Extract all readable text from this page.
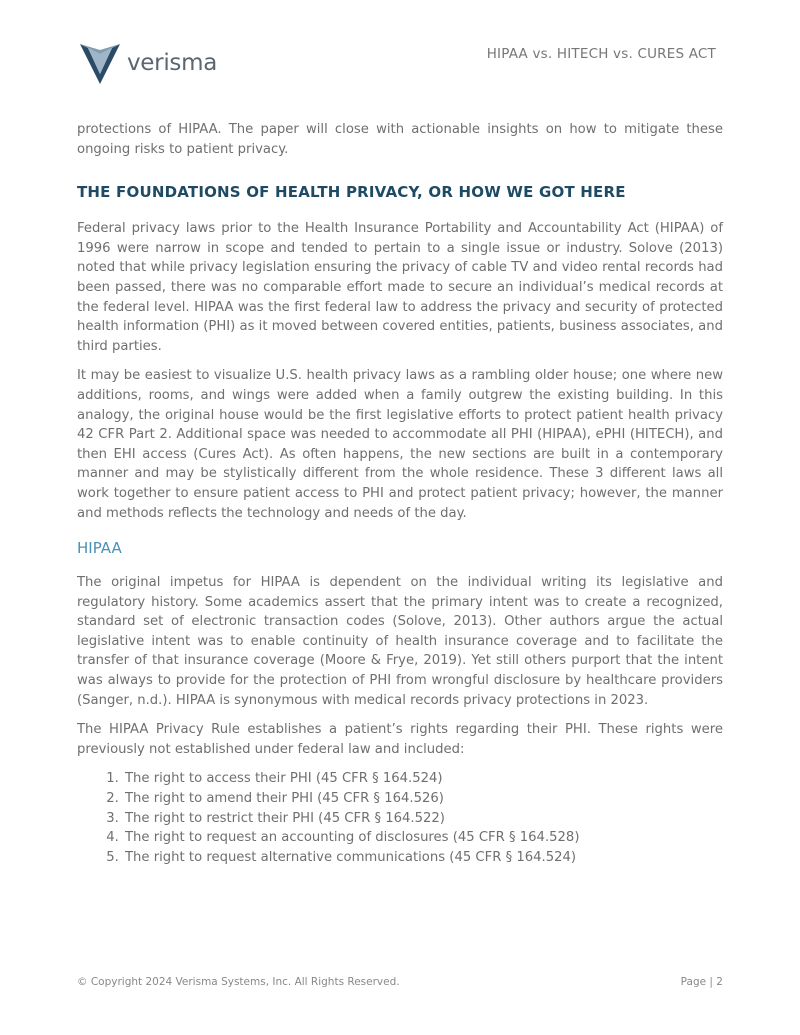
verisma	HIPAA vs. HITECH vs. CURES ACT

protections of HIPAA. The paper will close with actionable insights on how to mitigate these ongoing risks to patient privacy.

THE FOUNDATIONS OF HEALTH PRIVACY, OR HOW WE GOT HERE

Federal privacy laws prior to the Health Insurance Portability and Accountability Act (HIPAA) of 1996 were narrow in scope and tended to pertain to a single issue or industry. Solove (2013) noted that while privacy legislation ensuring the privacy of cable TV and video rental records had been passed, there was no comparable effort made to secure an individual’s medical records at the federal level. HIPAA was the first federal law to address the privacy and security of protected health information (PHI) as it moved between covered entities, patients, business associates, and third parties.

It may be easiest to visualize U.S. health privacy laws as a rambling older house; one where new additions, rooms, and wings were added when a family outgrew the existing building. In this analogy, the original house would be the first legislative efforts to protect patient health privacy 42 CFR Part 2. Additional space was needed to accommodate all PHI (HIPAA), ePHI (HITECH), and then EHI access (Cures Act). As often happens, the new sections are built in a contemporary manner and may be stylistically different from the whole residence. These 3 different laws all work together to ensure patient access to PHI and protect patient privacy; however, the manner and methods reflects the technology and needs of the day.

HIPAA

The original impetus for HIPAA is dependent on the individual writing its legislative and regulatory history. Some academics assert that the primary intent was to create a recognized, standard set of electronic transaction codes (Solove, 2013). Other authors argue the actual legislative intent was to enable continuity of health insurance coverage and to facilitate the transfer of that insurance coverage (Moore & Frye, 2019). Yet still others purport that the intent was always to provide for the protection of PHI from wrongful disclosure by healthcare providers (Sanger, n.d.). HIPAA is synonymous with medical records privacy protections in 2023.

The HIPAA Privacy Rule establishes a patient’s rights regarding their PHI. These rights were previously not established under federal law and included:

1. The right to access their PHI (45 CFR § 164.524)
2. The right to amend their PHI (45 CFR § 164.526)
3. The right to restrict their PHI (45 CFR § 164.522)
4. The right to request an accounting of disclosures (45 CFR § 164.528)
5. The right to request alternative communications (45 CFR § 164.524)
© Copyright 2024 Verisma Systems, Inc. All Rights Reserved.	Page | 2
